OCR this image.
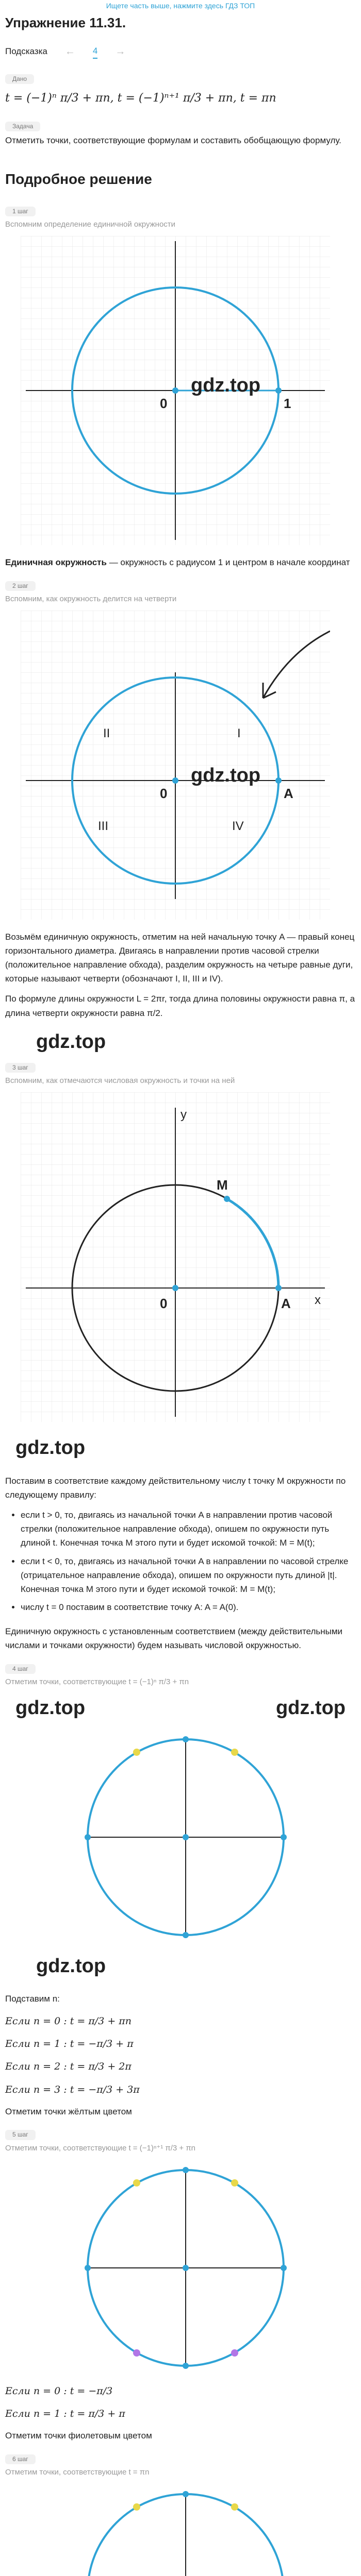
Ищете часть выше, нажмите здесь ГДЗ ТОП
Упражнение 11.31.
Подсказка ← 4 →
Дано
t = (−1)ⁿ π/3 + πn, t = (−1)ⁿ⁺¹ π/3 + πn, t = πn
Задача

Отметить точки, соответствующие формулам и составить обобщающую формулу.

Подробное решение
1 шаг
Вспомним определение единичной окружности
0	1
gdz.top

Единичная окружность — окружность с радиусом 1 и центром в начале координат

2 шаг
Вспомним, как окружность делится на четверти
I
II
III	IV
0	A
gdz.top

Возьмём единичную окружность, отметим на ней начальную точку A — правый конец горизонтального диаметра. Двигаясь в направлении против часовой стрелки (положительное направление обхода), разделим окружность на четыре равные дуги, которые называют четверти (обозначают I, II, III и IV).

По формуле длины окружности L = 2πr, тогда длина половины окружности равна π, а длина четверти окружности равна π/2.

gdz.top
3 шаг
Вспомним, как отмечаются числовая окружность и точки на ней
y
x
M
0	A
gdz.top

Поставим в соответствие каждому действительному числу t точку M окружности по следующему правилу:

• если t > 0, то, двигаясь из начальной точки A в направлении против часовой стрелки (положительное направление обхода), опишем по окружности путь длиной t. Конечная точка M этого пути и будет искомой точкой: M = M(t);
• если t < 0, то, двигаясь из начальной точки A в направлении по часовой стрелке (отрицательное направление обхода), опишем по окружности путь длиной |t|. Конечная точка M этого пути и будет искомой точкой: M = M(t);
• числу t = 0 поставим в соответствие точку A: A = A(0).

Единичную окружность с установленным соответствием (между действительными числами и точками окружности) будем называть числовой окружностью.

4 шаг
Отметим точки, соответствующие t = (−1)ⁿ π/3 + πn
gdz.top	gdz.top
gdz.top

Подставим n:

Если n = 0 : t = π/3 + πn
Если n = 1 : t = −π/3 + π
Если n = 2 : t = π/3 + 2π
Если n = 3 : t = −π/3 + 3π

Отметим точки жёлтым цветом

5 шаг
Отметим точки, соответствующие t = (−1)ⁿ⁺¹ π/3 + πn
Если n = 0 : t = −π/3
Если n = 1 : t = π/3 + π

Отметим точки фиолетовым цветом

6 шаг
Отметим точки, соответствующие t = πn
